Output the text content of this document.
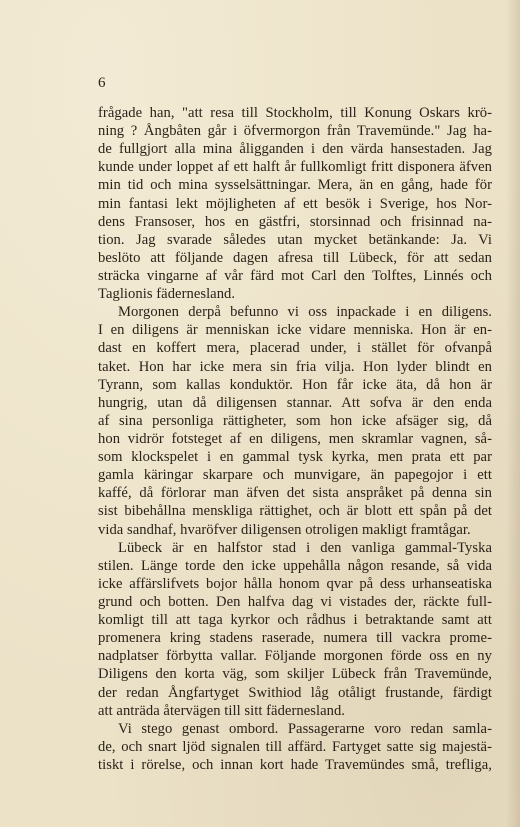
6
frågade han, "att resa till Stockholm, till Konung Oskars krö-
ning ? Ångbåten går i öfvermorgon från Travemünde." Jag ha-
de fullgjort alla mina åligganden i den värda hansestaden. Jag
kunde under loppet af ett halft år fullkomligt fritt disponera äfven
min tid och mina sysselsättningar. Mera, än en gång, hade för
min fantasi lekt möjligheten af ett besök i Sverige, hos Nor-
dens Fransoser, hos en gästfri, storsinnad och frisinnad na-
tion. Jag svarade således utan mycket betänkande: Ja. Vi
beslöto att följande dagen afresa till Lübeck, för att sedan
sträcka vingarne af vår färd mot Carl den Tolftes, Linnés och
Taglionis fädernesland.
Morgonen derpå befunno vi oss inpackade i en diligens.
I en diligens är menniskan icke vidare menniska. Hon är en-
dast en koffert mera, placerad under, i stället för ofvanpå
taket. Hon har icke mera sin fria vilja. Hon lyder blindt en
Tyrann, som kallas konduktör. Hon får icke äta, då hon är
hungrig, utan då diligensen stannar. Att sofva är den enda
af sina personliga rättigheter, som hon icke afsäger sig, då
hon vidrör fotsteget af en diligens, men skramlar vagnen, så-
som klockspelet i en gammal tysk kyrka, men prata ett par
gamla käringar skarpare och munvigare, än papegojor i ett
kaffé, då förlorar man äfven det sista anspråket på denna sin
sist bibehållna menskliga rättighet, och är blott ett spån på det
vida sandhaf, hvaröfver diligensen otroligen makligt framtågar.
Lübeck är en halfstor stad i den vanliga gammal-Tyska
stilen. Länge torde den icke uppehålla någon resande, så vida
icke affärslifvets bojor hålla honom qvar på dess urhanseatiska
grund och botten. Den halfva dag vi vistades der, räckte full-
komligt till att taga kyrkor och rådhus i betraktande samt att
promenera kring stadens raserade, numera till vackra prome-
nadplatser förbytta vallar. Följande morgonen förde oss en ny
Diligens den korta väg, som skiljer Lübeck från Travemünde,
der redan Ångfartyget Swithiod låg otåligt frustande, färdigt
att anträda återvägen till sitt fädernesland.
Vi stego genast ombord. Passagerarne voro redan samla-
de, och snart ljöd signalen till affärd. Fartyget satte sig majestä-
tiskt i rörelse, och innan kort hade Travemündes små, trefliga,
